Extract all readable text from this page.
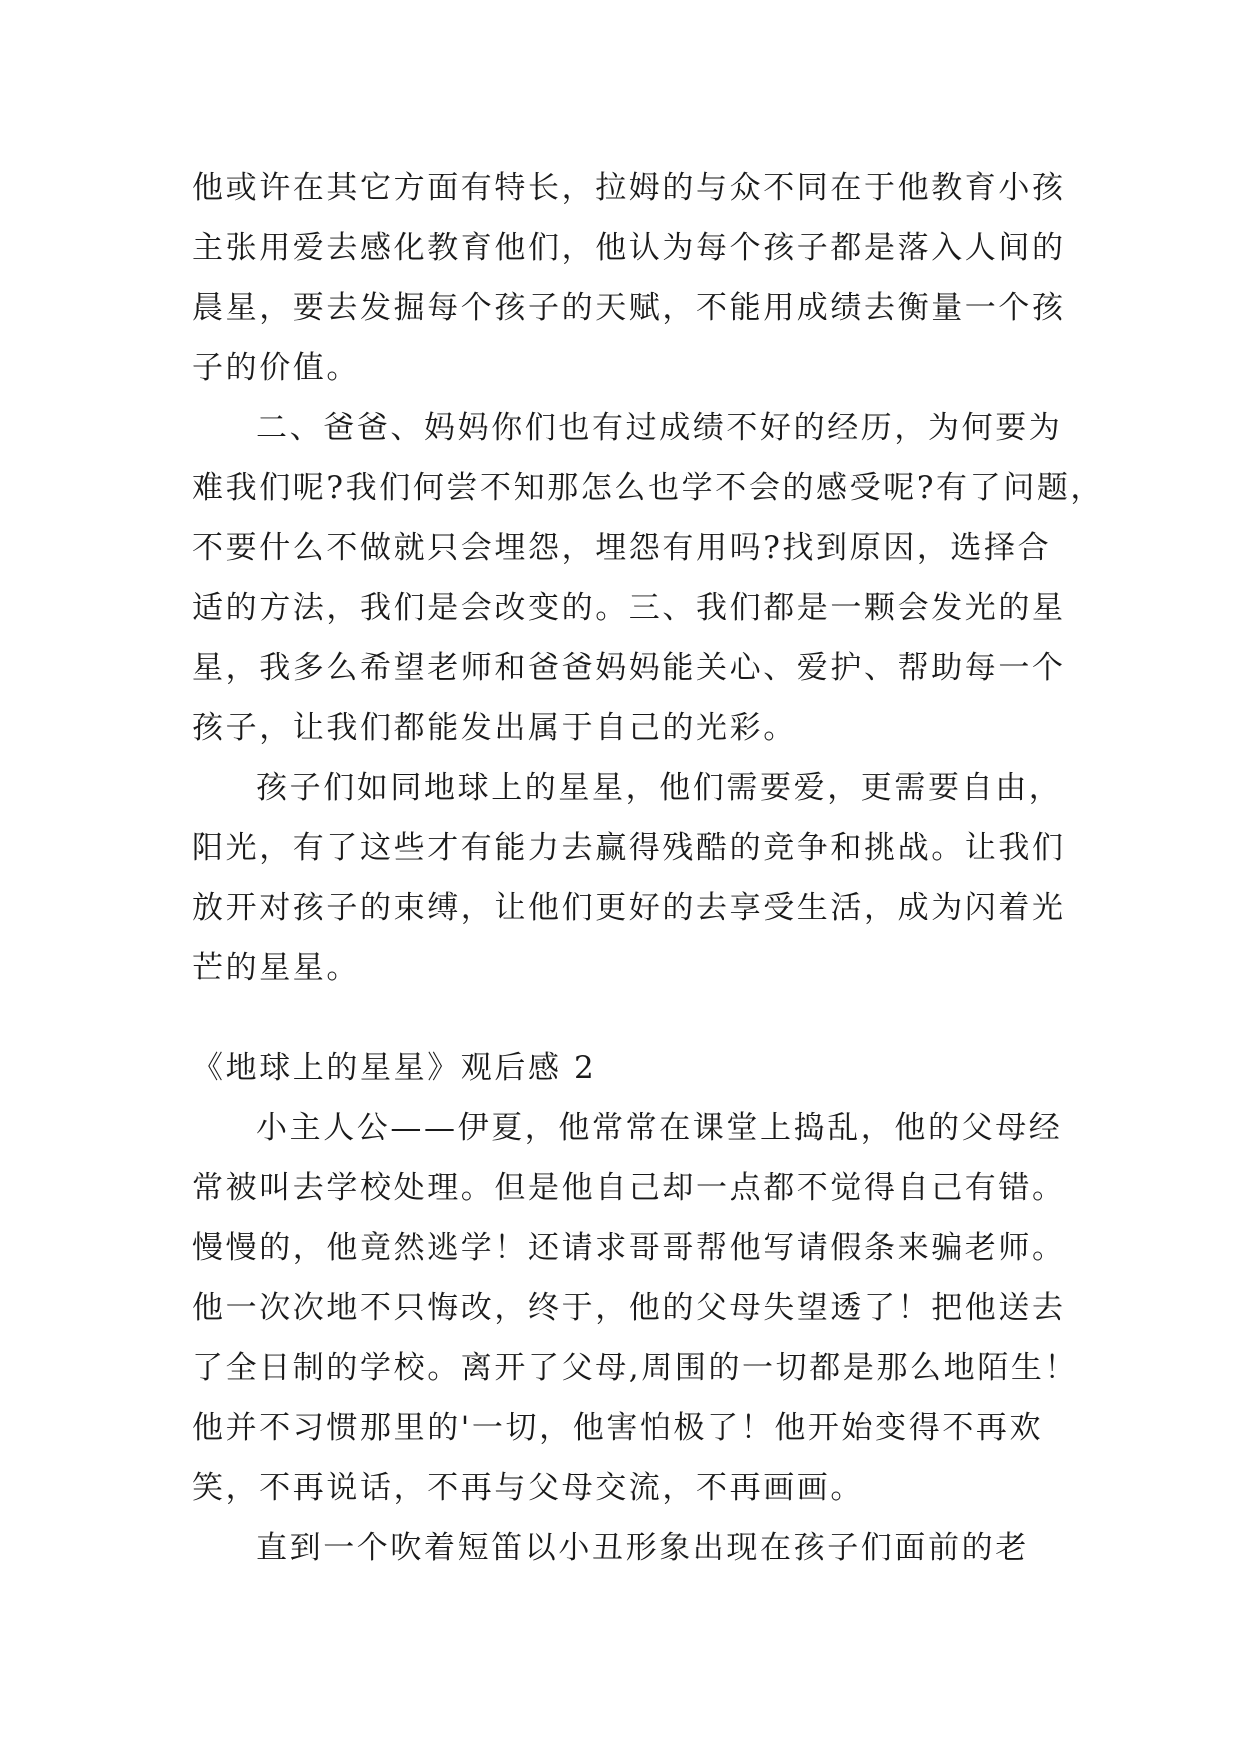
他或许在其它方面有特长，拉姆的与众不同在于他教育小孩
主张用爱去感化教育他们，他认为每个孩子都是落入人间的
晨星，要去发掘每个孩子的天赋，不能用成绩去衡量一个孩
子的价值。
二、爸爸、妈妈你们也有过成绩不好的经历，为何要为
难我们呢?我们何尝不知那怎么也学不会的感受呢?有了问题，
不要什么不做就只会埋怨，埋怨有用吗?找到原因，选择合
适的方法，我们是会改变的。三、我们都是一颗会发光的星
星，我多么希望老师和爸爸妈妈能关心、爱护、帮助每一个
孩子，让我们都能发出属于自己的光彩。
孩子们如同地球上的星星，他们需要爱，更需要自由，
阳光，有了这些才有能力去赢得残酷的竞争和挑战。让我们
放开对孩子的束缚，让他们更好的去享受生活，成为闪着光
芒的星星。
《地球上的星星》观后感 2
小主人公——伊夏，他常常在课堂上捣乱，他的父母经
常被叫去学校处理。但是他自己却一点都不觉得自己有错。
慢慢的，他竟然逃学！还请求哥哥帮他写请假条来骗老师。
他一次次地不只悔改，终于，他的父母失望透了！把他送去
了全日制的学校。离开了父母,周围的一切都是那么地陌生！
他并不习惯那里的'一切，他害怕极了！他开始变得不再欢
笑，不再说话，不再与父母交流，不再画画。
直到一个吹着短笛以小丑形象出现在孩子们面前的老
